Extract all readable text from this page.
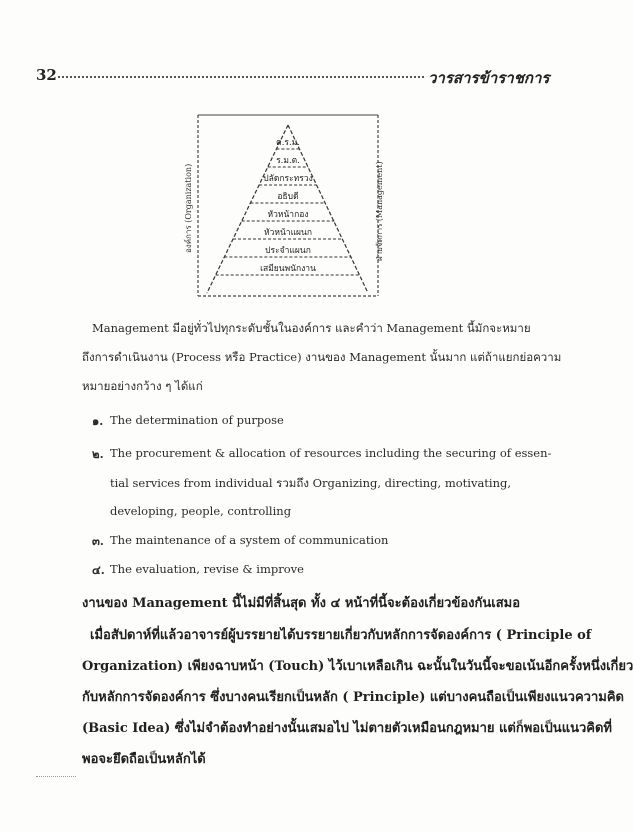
32	วารสารข้าราชการ
ค.ร.ม.
ร.ม.ต.
ปลัดกระทรวง
อธิบดี
หัวหน้ากอง
หัวหน้าแผนก
ประจำแผนก
เสมียนพนักงาน
องค์การ (Organization)	ฝ่ายจัดการ (Management)
Management มีอยู่ทั่วไปทุกระดับชั้นในองค์การ และคำว่า Management นี้มักจะหมาย
ถึงการดำเนินงาน (Process หรือ Practice) งานของ Management นั้นมาก แต่ถ้าแยกย่อความ
หมายอย่างกว้าง ๆ ได้แก่
๑. The determination of purpose
๒. The procurement & allocation of resources including the securing of essen-
tial services from individual รวมถึง Organizing, directing, motivating,
developing, people, controlling
๓. The maintenance of a system of communication
๔. The evaluation, revise & improve
งานของ Management นี้ไม่มีที่สิ้นสุด ทั้ง ๔ หน้าที่นี้จะต้องเกี่ยวข้องกันเสมอ
เมื่อสัปดาห์ที่แล้วอาจารย์ผู้บรรยายได้บรรยายเกี่ยวกับหลักการจัดองค์การ ( Principle of
Organization) เพียงฉาบหน้า (Touch) ไว้เบาเหลือเกิน ฉะนั้นในวันนี้จะขอเน้นอีกครั้งหนึ่งเกี่ยว
กับหลักการจัดองค์การ ซึ่งบางคนเรียกเป็นหลัก ( Principle) แต่บางคนถือเป็นเพียงแนวความคิด
(Basic Idea) ซึ่งไม่จำต้องทำอย่างนั้นเสมอไป ไม่ตายตัวเหมือนกฎหมาย แต่ก็พอเป็นแนวคิดที่
พอจะยึดถือเป็นหลักได้
